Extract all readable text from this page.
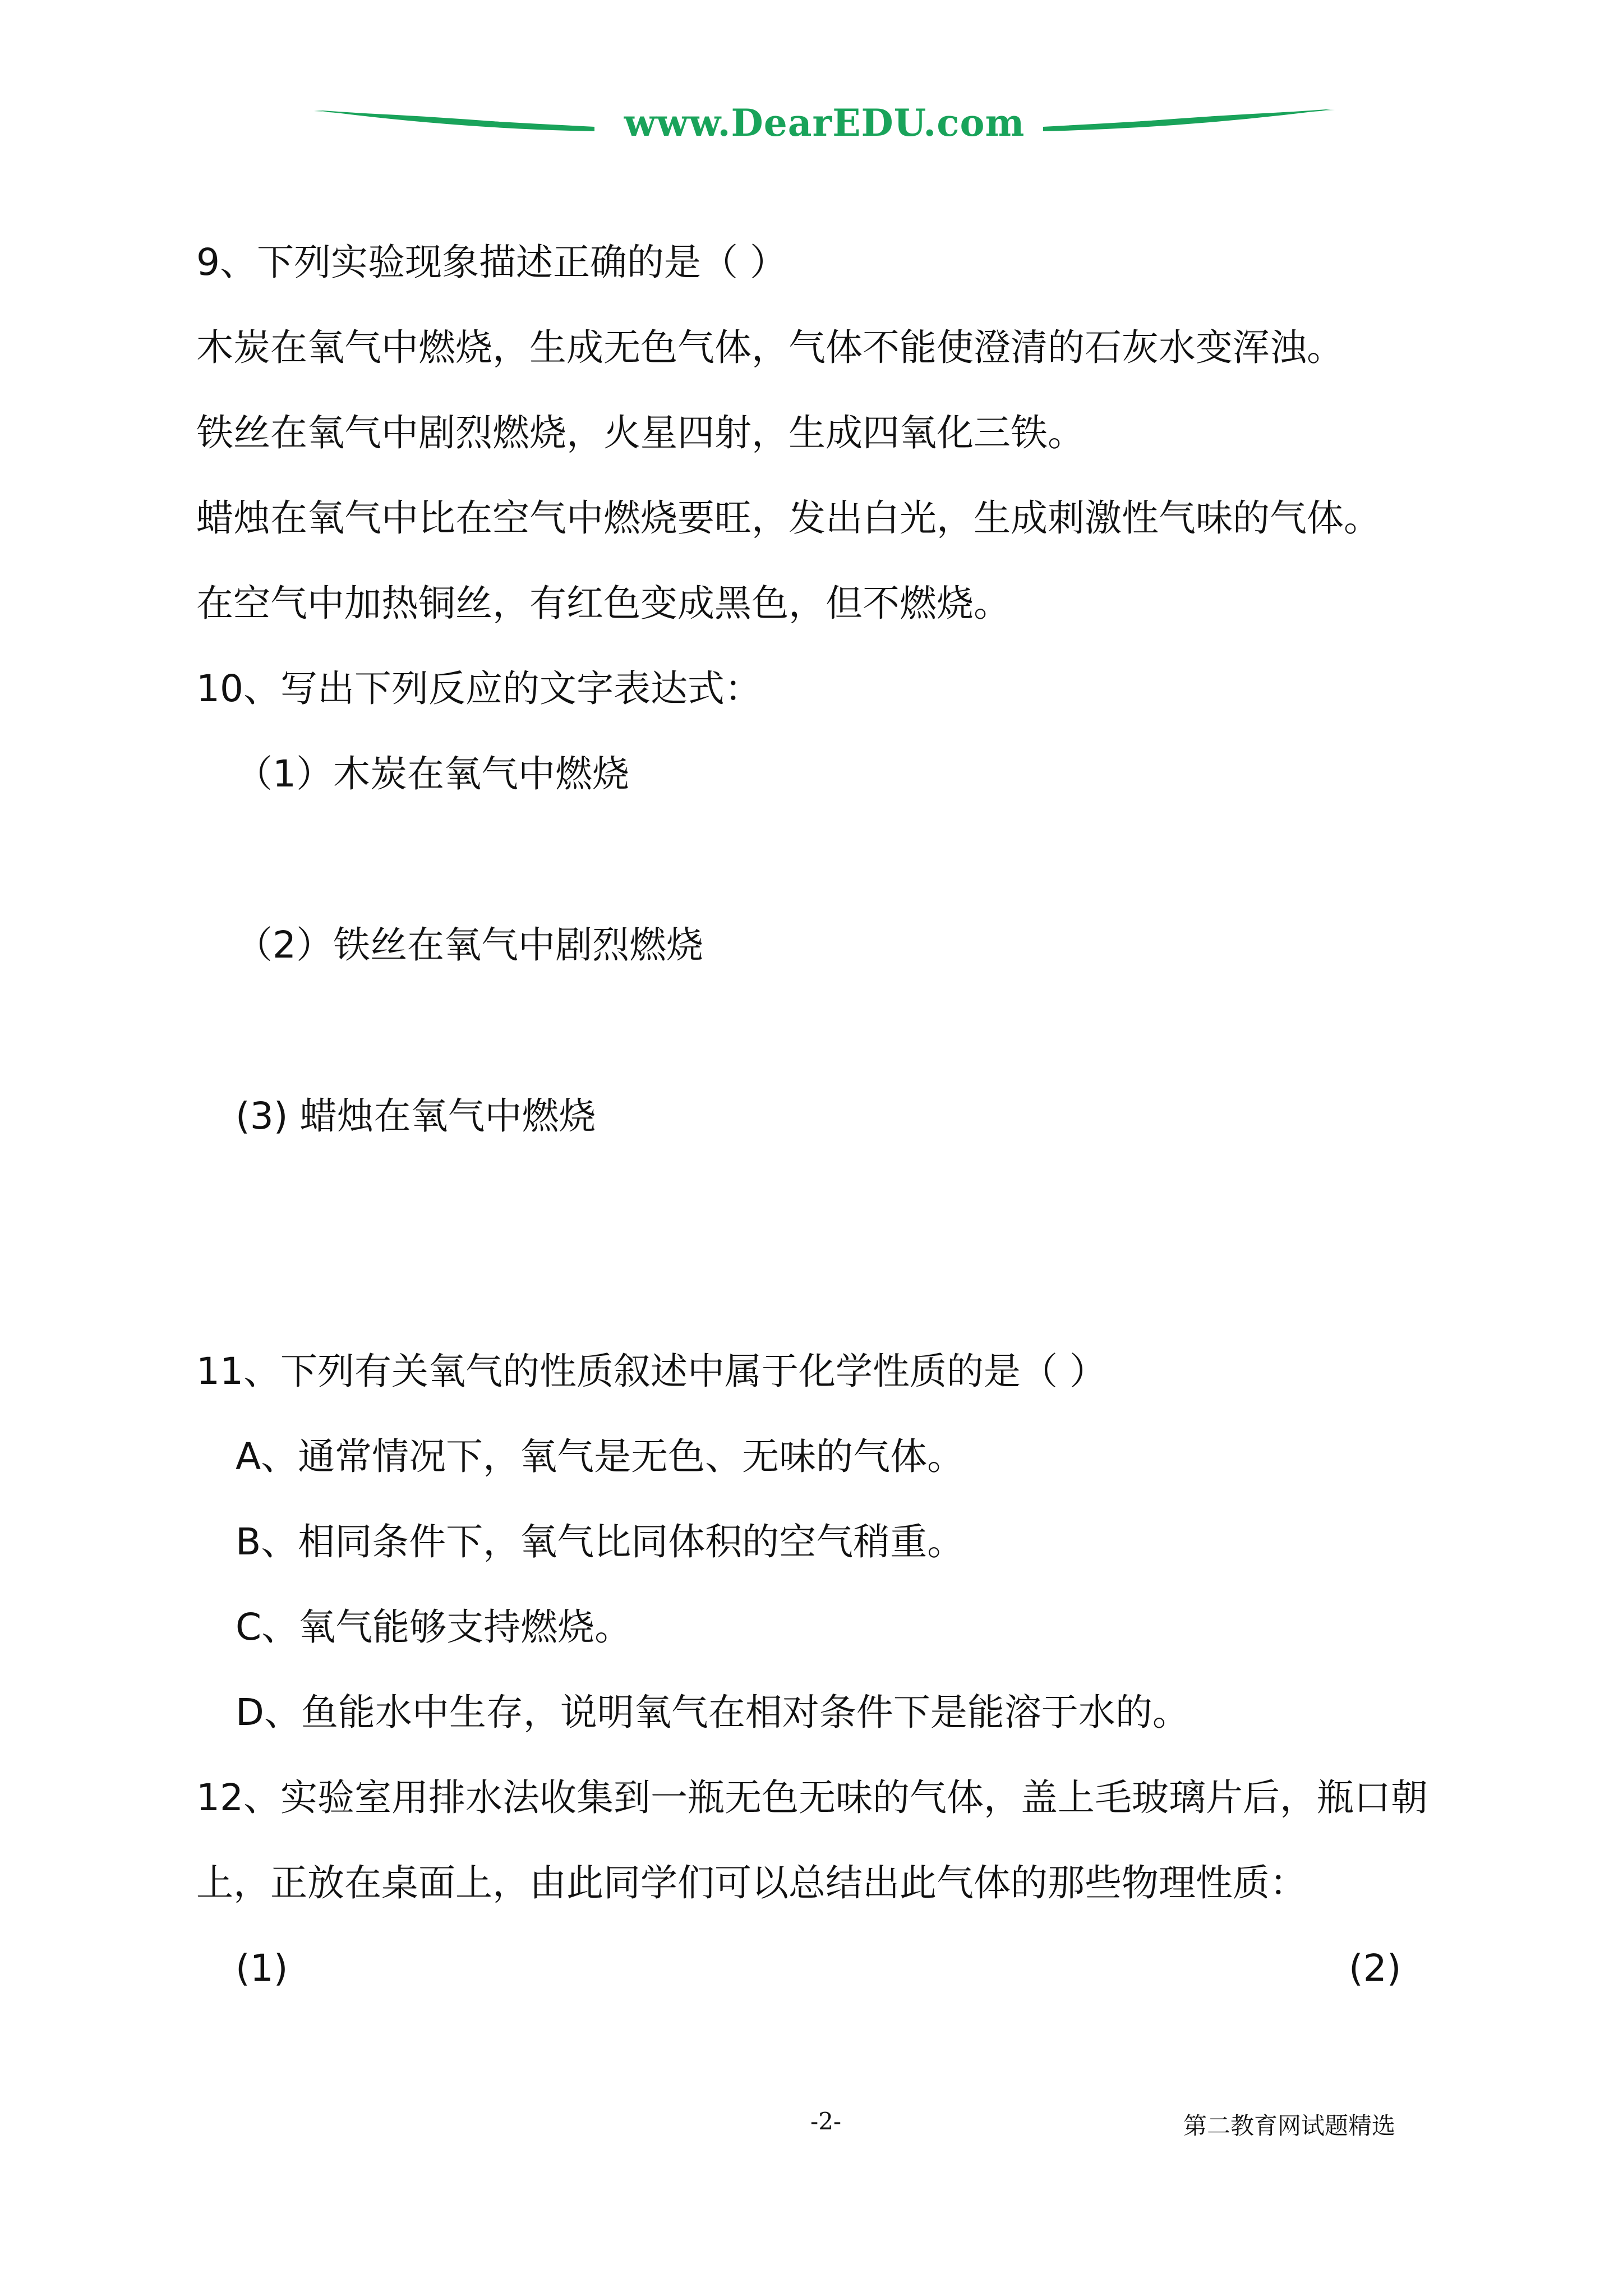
www.DearEDU.com
9、下列实验现象描述正确的是（ ）
木炭在氧气中燃烧，生成无色气体，气体不能使澄清的石灰水变浑浊。
铁丝在氧气中剧烈燃烧，火星四射，生成四氧化三铁。
蜡烛在氧气中比在空气中燃烧要旺，发出白光，生成刺激性气味的气体。
在空气中加热铜丝，有红色变成黑色，但不燃烧。
10、写出下列反应的文字表达式：
（1）木炭在氧气中燃烧
（2）铁丝在氧气中剧烈燃烧
(3) 蜡烛在氧气中燃烧
11、下列有关氧气的性质叙述中属于化学性质的是（ ）
A、通常情况下，氧气是无色、无味的气体。
B、相同条件下，氧气比同体积的空气稍重。
C、氧气能够支持燃烧。
D、鱼能水中生存，说明氧气在相对条件下是能溶于水的。
12、实验室用排水法收集到一瓶无色无味的气体，盖上毛玻璃片后，瓶口朝
上，正放在桌面上，由此同学们可以总结出此气体的那些物理性质：
(1)	(2)
-2-	第二教育网试题精选
